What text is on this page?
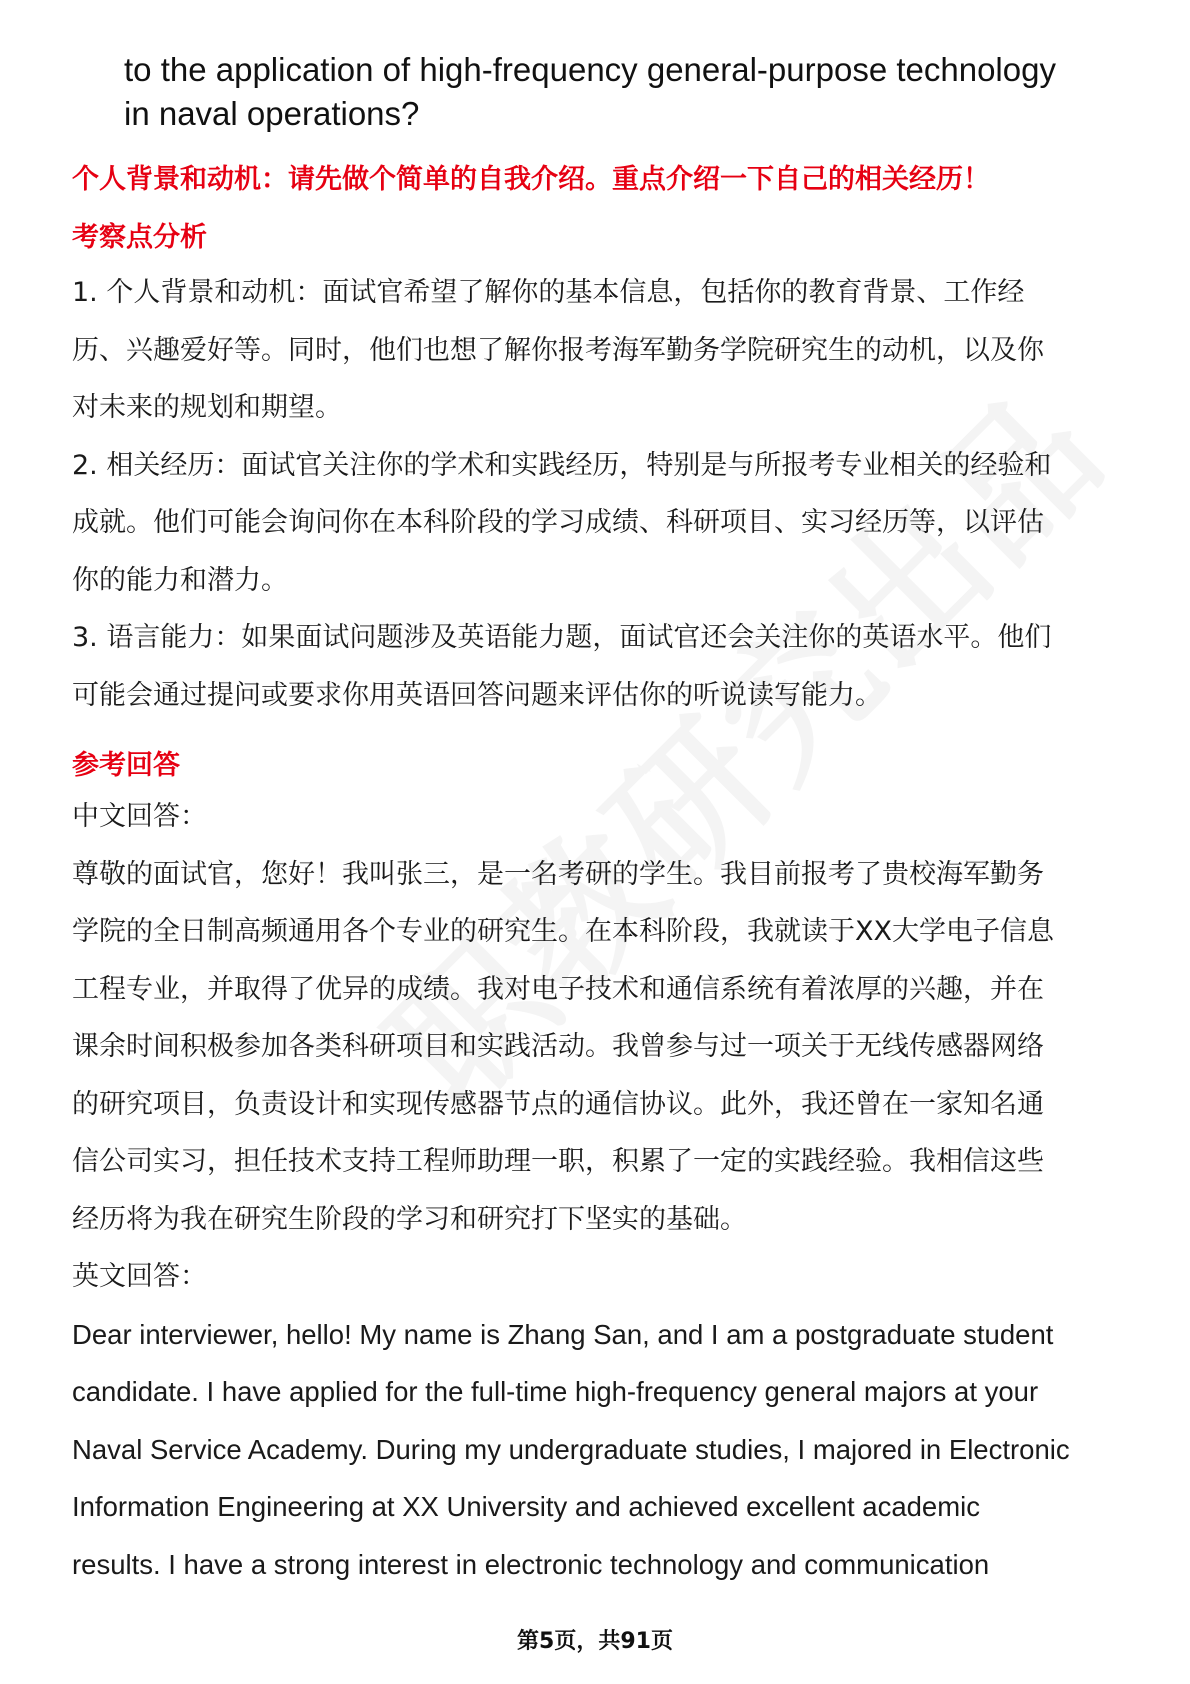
to the application of high-frequency general-purpose technology
in naval operations?
个人背景和动机：请先做个简单的自我介绍。重点介绍一下自己的相关经历！
考察点分析

1. 个人背景和动机：面试官希望了解你的基本信息，包括你的教育背景、工作经

历、兴趣爱好等。同时，他们也想了解你报考海军勤务学院研究生的动机，以及你

对未来的规划和期望。

2. 相关经历：面试官关注你的学术和实践经历，特别是与所报考专业相关的经验和

成就。他们可能会询问你在本科阶段的学习成绩、科研项目、实习经历等，以评估

你的能力和潜力。

3. 语言能力：如果面试问题涉及英语能力题，面试官还会关注你的英语水平。他们

可能会通过提问或要求你用英语回答问题来评估你的听说读写能力。

参考回答

中文回答：

尊敬的面试官，您好！我叫张三，是一名考研的学生。我目前报考了贵校海军勤务

学院的全日制高频通用各个专业的研究生。在本科阶段，我就读于XX大学电子信息

工程专业，并取得了优异的成绩。我对电子技术和通信系统有着浓厚的兴趣，并在

课余时间积极参加各类科研项目和实践活动。我曾参与过一项关于无线传感器网络

的研究项目，负责设计和实现传感器节点的通信协议。此外，我还曾在一家知名通

信公司实习，担任技术支持工程师助理一职，积累了一定的实践经验。我相信这些

经历将为我在研究生阶段的学习和研究打下坚实的基础。

英文回答：

Dear interviewer, hello! My name is Zhang San, and I am a postgraduate student

candidate. I have applied for the full-time high-frequency general majors at your

Naval Service Academy. During my undergraduate studies, I majored in Electronic

Information Engineering at XX University and achieved excellent academic

results. I have a strong interest in electronic technology and communication

第5页，共91页
